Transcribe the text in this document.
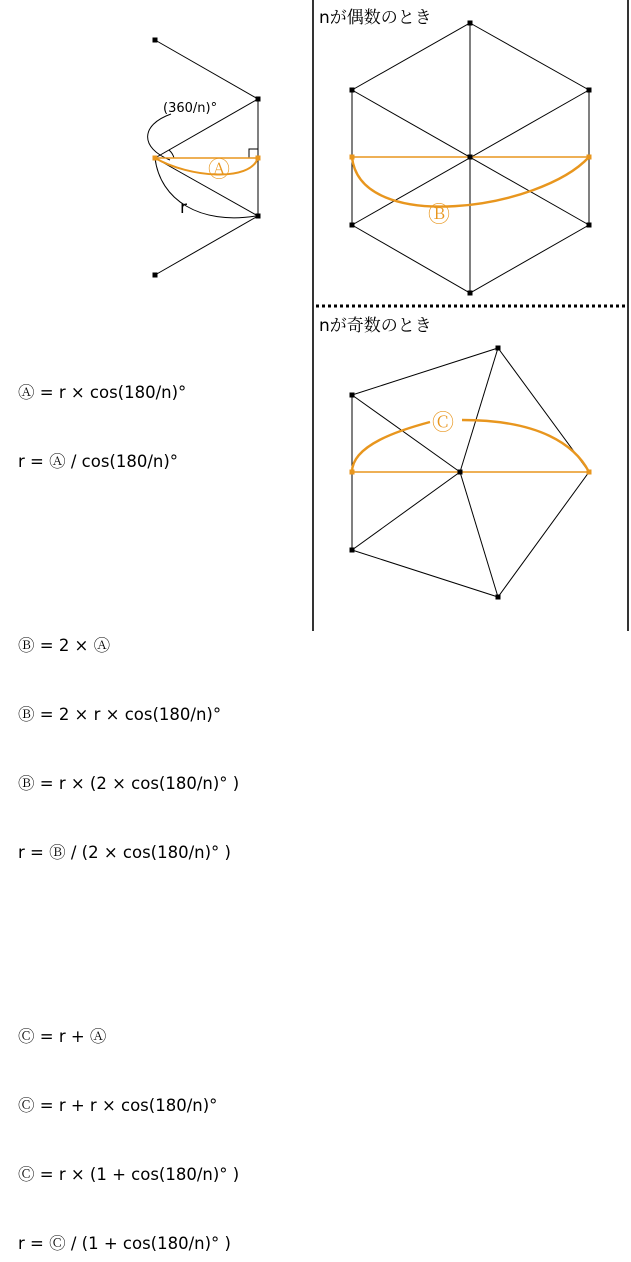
(360/n)°
r
Ⓐ
nが偶数のとき
Ⓑ
nが奇数のとき
Ⓒ

Ⓐ = r × cos(180/n)°

r = Ⓐ / cos(180/n)°

Ⓑ = 2 × Ⓐ

Ⓑ = 2 × r × cos(180/n)°

Ⓑ = r × (2 × cos(180/n)° )

r = Ⓑ / (2 × cos(180/n)° )

Ⓒ = r + Ⓐ

Ⓒ = r + r × cos(180/n)°

Ⓒ = r × (1 + cos(180/n)° )

r = Ⓒ / (1 + cos(180/n)° )
